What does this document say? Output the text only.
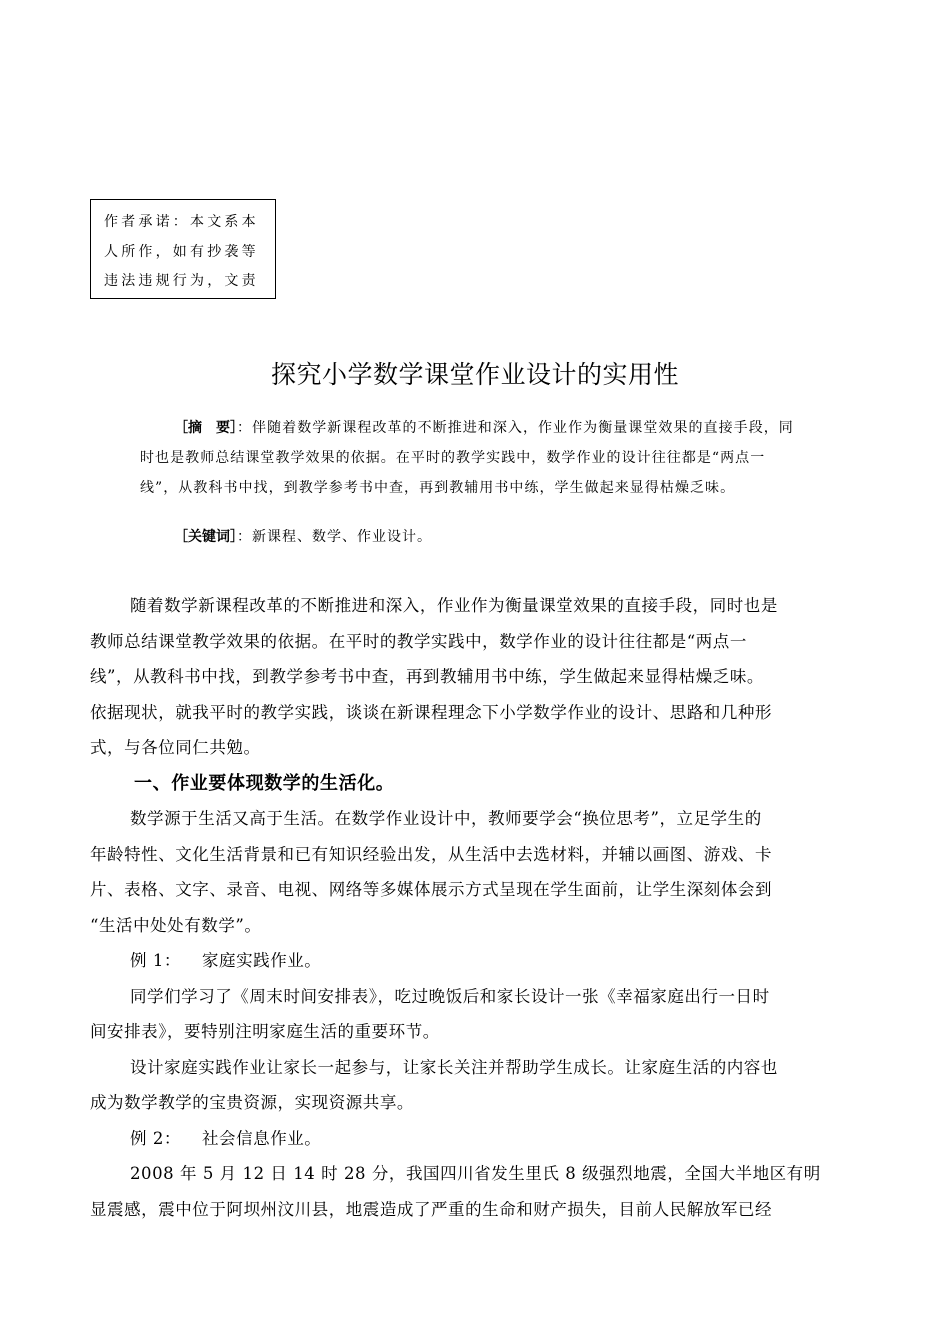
作者承诺：本文系本
人所作，如有抄袭等
违法违规行为，文责
探究小学数学课堂作业设计的实用性
［摘　要］：伴随着数学新课程改革的不断推进和深入，作业作为衡量课堂效果的直接手段，同
时也是教师总结课堂教学效果的依据。在平时的教学实践中，数学作业的设计往往都是“两点一
线”，从教科书中找，到教学参考书中查，再到教辅用书中练，学生做起来显得枯燥乏味。
［关键词］：新课程、数学、作业设计。
随着数学新课程改革的不断推进和深入，作业作为衡量课堂效果的直接手段，同时也是
教师总结课堂教学效果的依据。在平时的教学实践中，数学作业的设计往往都是“两点一
线”，从教科书中找，到教学参考书中查，再到教辅用书中练，学生做起来显得枯燥乏味。
依据现状，就我平时的教学实践，谈谈在新课程理念下小学数学作业的设计、思路和几种形
式，与各位同仁共勉。
一、作业要体现数学的生活化。
数学源于生活又高于生活。在数学作业设计中，教师要学会“换位思考”，立足学生的
年龄特性、文化生活背景和已有知识经验出发，从生活中去选材料，并辅以画图、游戏、卡
片、表格、文字、录音、电视、网络等多媒体展示方式呈现在学生面前，让学生深刻体会到
“生活中处处有数学”。
例 1： 家庭实践作业。
同学们学习了《周末时间安排表》，吃过晚饭后和家长设计一张《幸福家庭出行一日时
间安排表》，要特别注明家庭生活的重要环节。
设计家庭实践作业让家长一起参与，让家长关注并帮助学生成长。让家庭生活的内容也
成为数学教学的宝贵资源，实现资源共享。
例 2： 社会信息作业。
2008 年 5 月 12 日 14 时 28 分，我国四川省发生里氏 8 级强烈地震，全国大半地区有明
显震感，震中位于阿坝州汶川县，地震造成了严重的生命和财产损失，目前人民解放军已经
